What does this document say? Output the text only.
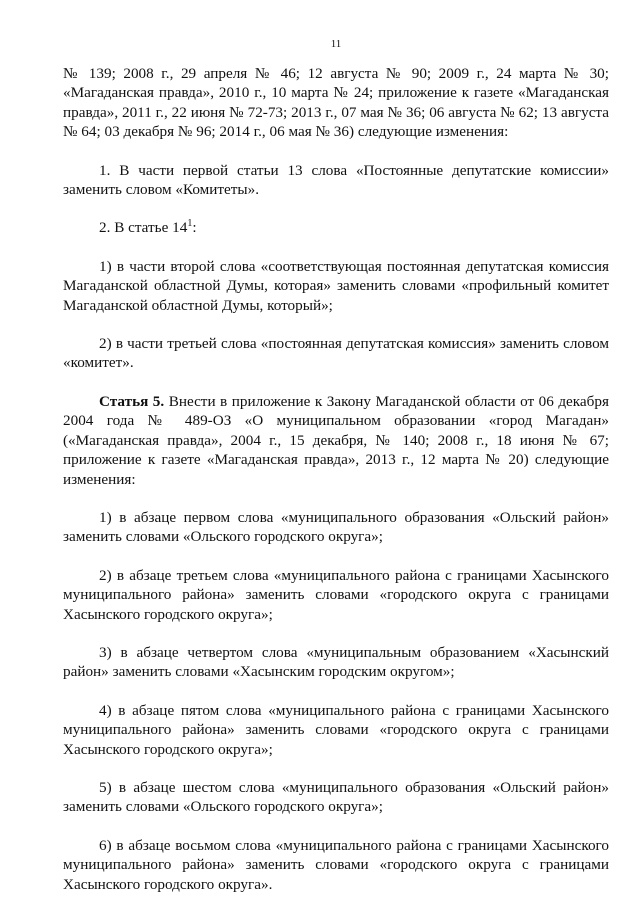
11

№ 139; 2008 г., 29 апреля № 46; 12 августа № 90; 2009 г., 24 марта № 30; «Магаданская правда», 2010 г., 10 марта № 24; приложение к газете «Магаданская правда», 2011 г., 22 июня № 72-73; 2013 г., 07 мая № 36; 06 августа № 62; 13 августа № 64; 03 декабря № 96; 2014 г., 06 мая № 36) следующие изменения:

1. В части первой статьи 13 слова «Постоянные депутатские комиссии» заменить словом «Комитеты».

2. В статье $14^1$:

1) в части второй слова «соответствующая постоянная депутатская комиссия Магаданской областной Думы, которая» заменить словами «профильный комитет Магаданской областной Думы, который»;

2) в части третьей слова «постоянная депутатская комиссия» заменить словом «комитет».

Статья 5. Внести в приложение к Закону Магаданской области от 06 декабря 2004 года № 489-ОЗ «О муниципальном образовании «город Магадан» («Магаданская правда», 2004 г., 15 декабря, № 140; 2008 г., 18 июня № 67; приложение к газете «Магаданская правда», 2013 г., 12 марта № 20) следующие изменения:

1) в абзаце первом слова «муниципального образования «Ольский район» заменить словами «Ольского городского округа»;

2) в абзаце третьем слова «муниципального района с границами Хасынского муниципального района» заменить словами «городского округа с границами Хасынского городского округа»;

3) в абзаце четвертом слова «муниципальным образованием «Хасынский район» заменить словами «Хасынским городским округом»;

4) в абзаце пятом слова «муниципального района с границами Хасынского муниципального района» заменить словами «городского округа с границами Хасынского городского округа»;

5) в абзаце шестом слова «муниципального образования «Ольский район» заменить словами «Ольского городского округа»;

6) в абзаце восьмом слова «муниципального района с границами Хасынского муниципального района» заменить словами «городского округа с границами Хасынского городского округа».
